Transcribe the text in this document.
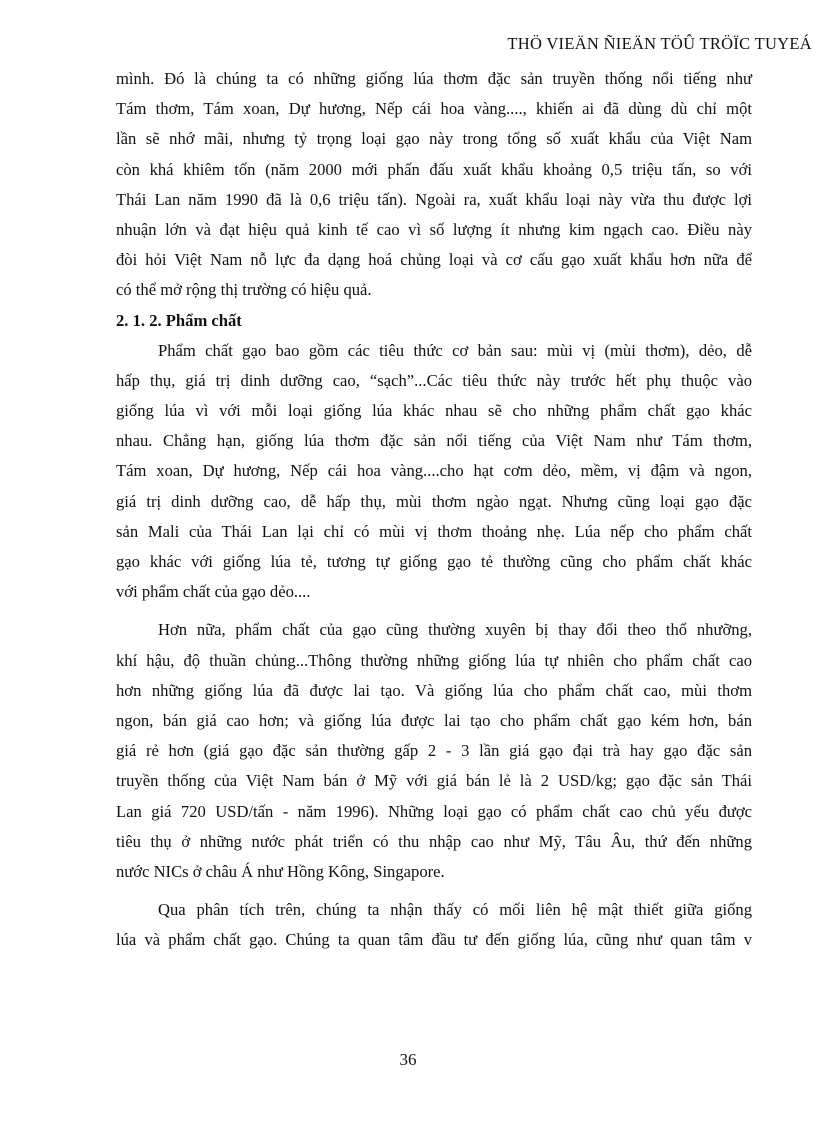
THÖ VIEÄN ÑIEÄN TÖÛ TRÖÏC TUYEÁ
mình. Đó là chúng ta có những giống lúa thơm đặc sản truyền thống nổi tiếng như
Tám thơm, Tám xoan, Dự hương, Nếp cái hoa vàng...., khiến ai đã dùng dù chỉ một
lần sẽ nhớ mãi, nhưng tỷ trọng loại gạo này trong tổng số xuất khẩu của Việt Nam
còn khá khiêm tốn (năm 2000 mới phấn đấu xuất khẩu khoảng 0,5 triệu tấn, so với
Thái Lan năm 1990 đã là 0,6 triệu tấn). Ngoài ra, xuất khẩu loại này vừa thu được lợi
nhuận lớn và đạt hiệu quả kinh tế cao vì số lượng ít nhưng kim ngạch cao. Điều này
đòi hỏi Việt Nam nỗ lực đa dạng hoá chủng loại và cơ cấu gạo xuất khẩu hơn nữa để
có thể mở rộng thị trường có hiệu quả.
2. 1. 2. Phẩm chất
Phẩm chất gạo bao gồm các tiêu thức cơ bản sau: mùi vị (mùi thơm), dẻo, dễ
hấp thụ, giá trị dinh dưỡng cao, “sạch”...Các tiêu thức này trước hết phụ thuộc vào
giống lúa vì với mỗi loại giống lúa khác nhau sẽ cho những phẩm chất gạo khác
nhau. Chẳng hạn, giống lúa thơm đặc sản nổi tiếng của Việt Nam như Tám thơm,
Tám xoan, Dự hương, Nếp cái hoa vàng....cho hạt cơm dẻo, mềm, vị đậm và ngon,
giá trị dinh dưỡng cao, dễ hấp thụ, mùi thơm ngào ngạt. Nhưng cũng loại gạo đặc
sản Mali của Thái Lan lại chỉ có mùi vị thơm thoảng nhẹ. Lúa nếp cho phẩm chất
gạo khác với giống lúa tẻ, tương tự giống gạo tẻ thường cũng cho phẩm chất khác
với phẩm chất của gạo dẻo....
Hơn nữa, phẩm chất của gạo cũng thường xuyên bị thay đổi theo thổ nhưỡng,
khí hậu, độ thuần chủng...Thông thường những giống lúa tự nhiên cho phẩm chất cao
hơn những giống lúa đã được lai tạo. Và giống lúa cho phẩm chất cao, mùi thơm
ngon, bán giá cao hơn; và giống lúa được lai tạo cho phẩm chất gạo kém hơn, bán
giá rẻ hơn (giá gạo đặc sản thường gấp 2 - 3 lần giá gạo đại trà hay gạo đặc sản
truyền thống của Việt Nam bán ở Mỹ với giá bán lẻ là 2 USD/kg; gạo đặc sản Thái
Lan giá 720 USD/tấn - năm 1996). Những loại gạo có phẩm chất cao chủ yếu được
tiêu thụ ở những nước phát triển có thu nhập cao như Mỹ, Tâu Âu, thứ đến những
nước NICs ở châu Á như Hồng Kông, Singapore.
Qua phân tích trên, chúng ta nhận thấy có mối liên hệ mật thiết giữa giống
lúa và phẩm chất gạo. Chúng ta quan tâm đầu tư đến giống lúa, cũng như quan tâm v
36
